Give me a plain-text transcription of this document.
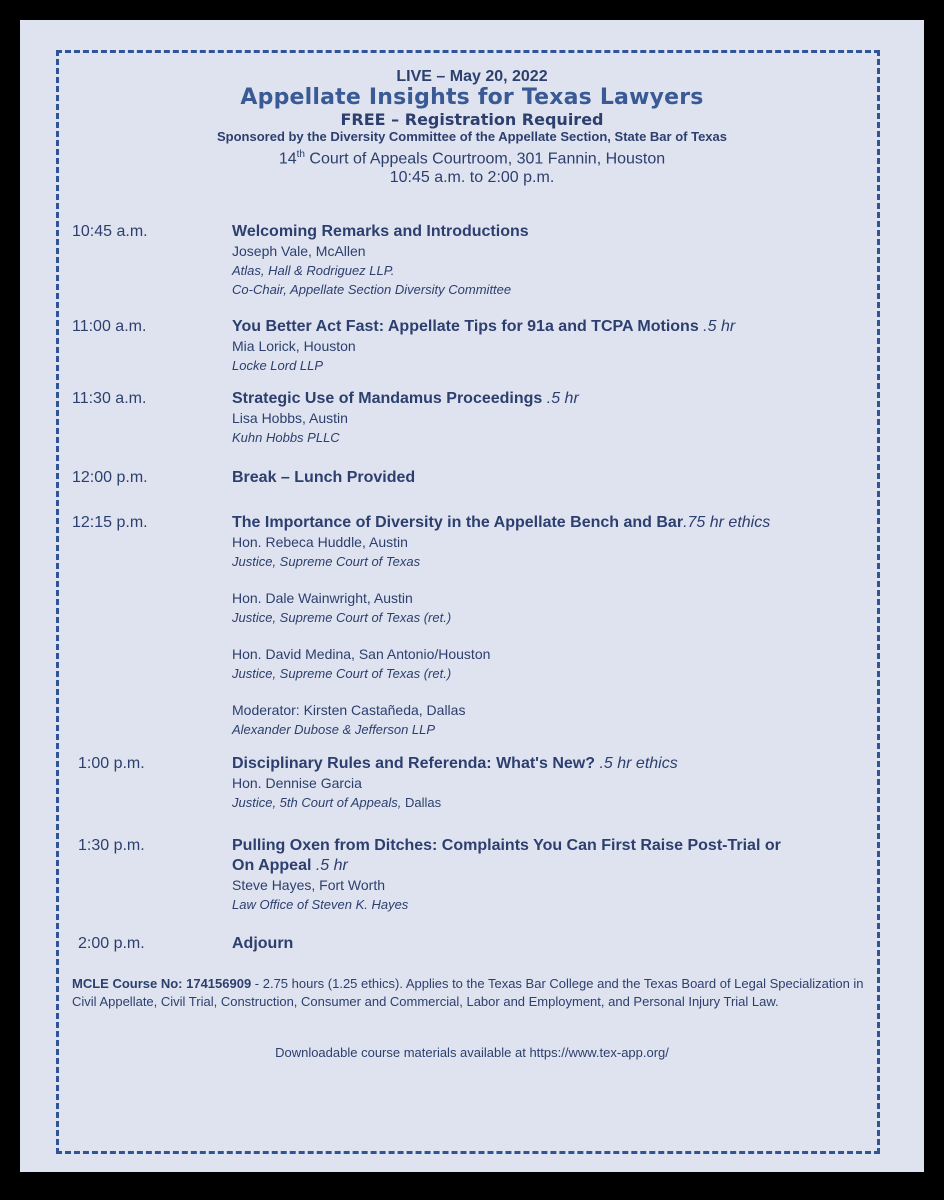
LIVE – May 20, 2022
Appellate Insights for Texas Lawyers
FREE – Registration Required
Sponsored by the Diversity Committee of the Appellate Section, State Bar of Texas
14th Court of Appeals Courtroom, 301 Fannin, Houston
10:45 a.m. to 2:00 p.m.
10:45 a.m.	Welcoming Remarks and Introductions
Joseph Vale, McAllen
Atlas, Hall & Rodriguez LLP.
Co-Chair, Appellate Section Diversity Committee
11:00 a.m.	You Better Act Fast: Appellate Tips for 91a and TCPA Motions .5 hr
Mia Lorick, Houston
Locke Lord LLP
11:30 a.m.	Strategic Use of Mandamus Proceedings .5 hr
Lisa Hobbs, Austin
Kuhn Hobbs PLLC
12:00 p.m.	Break – Lunch Provided
12:15 p.m.	The Importance of Diversity in the Appellate Bench and Bar.75 hr ethics
Hon. Rebeca Huddle, Austin
Justice, Supreme Court of Texas
Hon. Dale Wainwright, Austin
Justice, Supreme Court of Texas (ret.)
Hon. David Medina, San Antonio/Houston
Justice, Supreme Court of Texas (ret.)
Moderator: Kirsten Castañeda, Dallas
Alexander Dubose & Jefferson LLP
1:00 p.m.	Disciplinary Rules and Referenda: What's New? .5 hr ethics
Hon. Dennise Garcia
Justice, 5th Court of Appeals, Dallas
1:30 p.m.	Pulling Oxen from Ditches: Complaints You Can First Raise Post-Trial or
On Appeal .5 hr
Steve Hayes, Fort Worth
Law Office of Steven K. Hayes
2:00 p.m.	Adjourn
MCLE Course No: 174156909 - 2.75 hours (1.25 ethics). Applies to the Texas Bar College and the Texas Board of Legal Specialization in Civil Appellate, Civil Trial, Construction, Consumer and Commercial, Labor and Employment, and Personal Injury Trial Law.
Downloadable course materials available at https://www.tex-app.org/
